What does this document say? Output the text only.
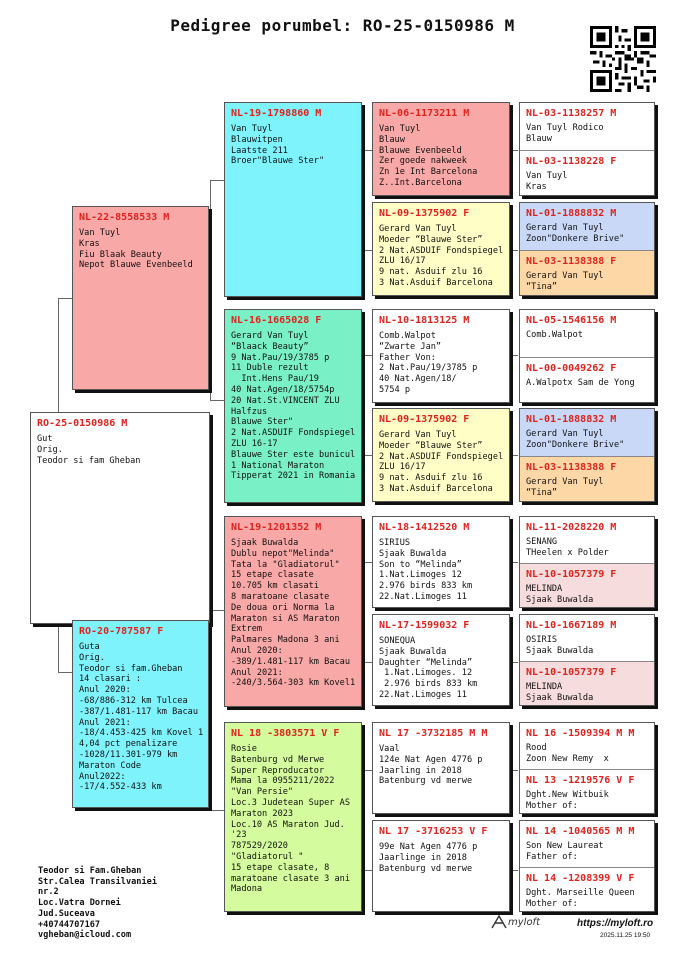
Pedigree porumbel: RO-25-0150986 M
RO-25-0150986 M
Gut
Orig.
Teodor si fam Gheban
NL-22-8558533 M
Van Tuyl
Kras
Fiu Blaak Beauty
Nepot Blauwe Evenbeeld
RO-20-787587 F
Guta
Orig.
Teodor si fam.Gheban
14 clasari :
Anul 2020:
-68/886-312 km Tulcea
-387/1.481-117 km Bacau
Anul 2021:
-18/4.453-425 km Kovel 1
4,04 pct penalizare
-1028/11.301-979 km
Maraton Code
Anul2022:
-17/4.552-433 km
NL-19-1798860 M
Van Tuyl
Blauwitpen
Laatste 211
Broer"Blauwe Ster"
NL-16-1665028 F
Gerard Van Tuyl
“Blaack Beauty”
9 Nat.Pau/19/3785 p
11 Duble rezult
Int.Hens Pau/19
40 Nat.Agen/18/5754p
20 Nat.St.VINCENT ZLU
Halfzus
Blauwe Ster"
2 Nat.ASDUIF Fondspiegel
ZLU 16-17
Blauwe Ster este bunicul
1 National Maraton
Tipperat 2021 in Romania
NL-19-1201352 M
Sjaak Buwalda
Dublu nepot"Melinda"
Tata la "Gladiatorul"
15 etape clasate
10.705 km clasati
8 maratoane clasate
De doua ori Norma la
Maraton si AS Maraton
Extrem
Palmares Madona 3 ani
Anul 2020:
-389/1.481-117 km Bacau
Anul 2021:
-240/3.564-303 km Kovel1
NL 18 -3803571 V F
Rosie
Batenburg vd Merwe
Super Reproducator
Mama la 0955211/2022
"Van Persie"
Loc.3 Judetean Super AS
Maraton 2023
Loc.10 AS Maraton Jud.
'23
787529/2020
"Gladiatorul "
15 etape clasate, 8
maratoane clasate 3 ani
Madona
NL-06-1173211 M
Van Tuyl
Blauw
Blauwe Evenbeeld
Zer goede nakweek
Zn 1e Int Barcelona
Z..Int.Barcelona
NL-09-1375902 F
Gerard Van Tuyl
Moeder “Blauwe Ster”
2 Nat.ASDUIF Fondspiegel
ZLU 16/17
9 nat. Asduif zlu 16
3 Nat.Asduif Barcelona
NL-10-1813125 M
Comb.Walpot
“Zwarte Jan”
Father Von:
2 Nat.Pau/19/3785 p
40 Nat.Agen/18/
5754 p
NL-09-1375902 F
Gerard Van Tuyl
Moeder “Blauwe Ster”
2 Nat.ASDUIF Fondspiegel
ZLU 16/17
9 nat. Asduif zlu 16
3 Nat.Asduif Barcelona
NL-18-1412520 M
SIRIUS
Sjaak Buwalda
Son to “Melinda”
1.Nat.Limoges 12
2.976 birds 833 km
22.Nat.Limoges 11
NL-17-1599032 F
SONEQUA
Sjaak Buwalda
Daughter “Melinda”
1.Nat.Limoges. 12
2.976 birds 833 km
22.Nat.Limoges 11
NL 17 -3732185 M M
Vaal
124e Nat Agen 4776 p
Jaarling in 2018
Batenburg vd merwe
NL 17 -3716253 V F
99e Nat Agen 4776 p
Jaarlinge in 2018
Batenburg vd merwe
NL-03-1138257 M
Van Tuyl Rodico
Blauw
NL-03-1138228 F
Van Tuyl
Kras
NL-01-1888832 M
Gerard Van Tuyl
Zoon"Donkere Brive"
NL-03-1138388 F
Gerard Van Tuyl
“Tina”
NL-05-1546156 M
Comb.Walpot
NL-00-0049262 F
A.Walpotx Sam de Yong
NL-01-1888832 M
Gerard Van Tuyl
Zoon"Donkere Brive"
NL-03-1138388 F
Gerard Van Tuyl
“Tina”
NL-11-2028220 M
SENANG
THeelen x Polder
NL-10-1057379 F
MELINDA
Sjaak Buwalda
NL-10-1667189 M
OSIRIS
Sjaak Buwalda
NL-10-1057379 F
MELINDA
Sjaak Buwalda
NL 16 -1509394 M M
Rood
Zoon New Remy  x
NL 13 -1219576 V F
Dght.New Witbuik
Mother of:
NL 14 -1040565 M M
Son New Laureat
Father of:
NL 14 -1208399 V F
Dght. Marseille Queen
Mother of:
Teodor si Fam.Gheban
Str.Calea Transilvaniei
nr.2
Loc.Vatra Dornei
Jud.Suceava
+40744707167
vgheban@icloud.com
myloft	https://myloft.ro
2025.11.25 19:50
